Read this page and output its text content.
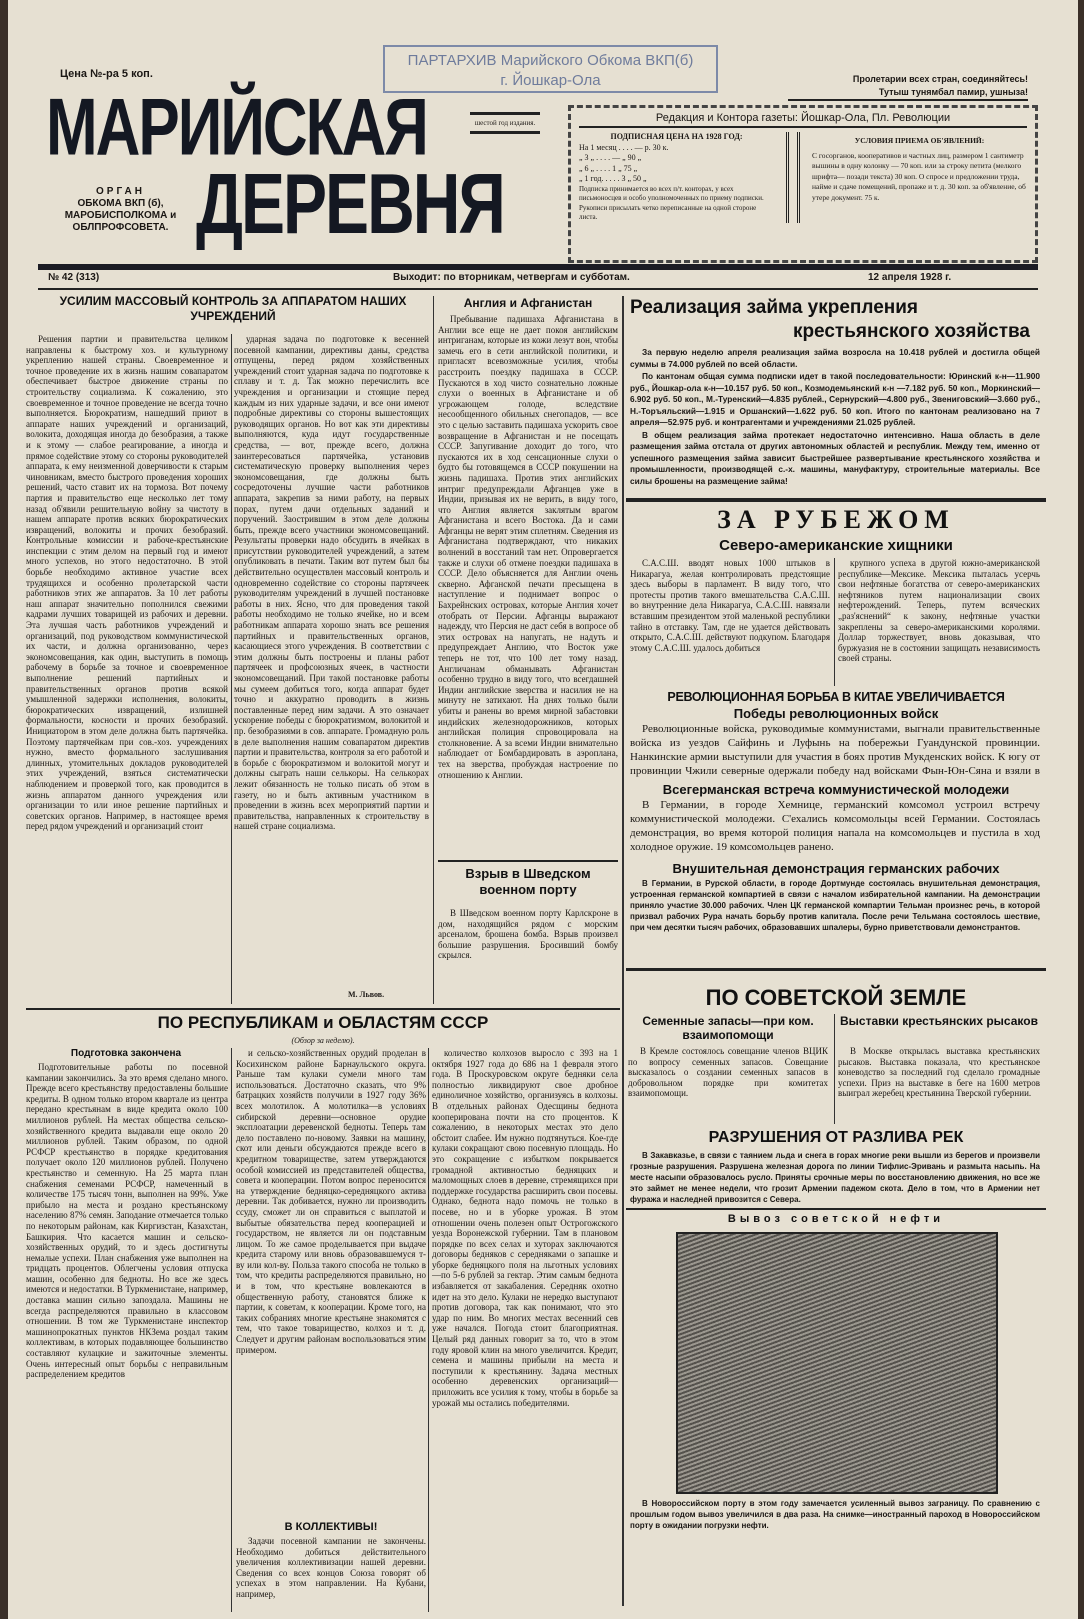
ПАРТАРХИВ Марийского Обкома ВКП(б)
г. Йошкар-Ола
Цена №-ра 5 коп.	Пролетарии всех стран, соединяйтесь!
Тутыш тунямбал памир, ушныза!
МАРИЙСКАЯ
ДЕРЕВНЯ
шестой год издания.
ОРГАН
ОБКОМА ВКП (б), МАРОБИСПОЛКОМА и ОБЛПРОФСОВЕТА.
Редакция и Контора газеты: Йошкар-Ола, Пл. Революции
ПОДПИСНАЯ ЦЕНА НА 1928 ГОД:
На 1 месяц . . . . — р. 30 к.
„ 3 „ . . . . — „ 90 „
„ 6 „ . . . . 1 „ 75 „
„ 1 год. . . . . 3 „ 50 „
Подписка принимается во всех п/т. конторах, у всех письмоносцев и особо уполномоченных по приему подписки. Рукописи присылать четко переписанные на одной стороне листа.
УСЛОВИЯ ПРИЕМА ОБ'ЯВЛЕНИЙ:
С госорганов, кооперативов и частных лиц, размером 1 сантиметр вышины в одну колонку — 70 коп. или за строку петита (мелкого шрифта— позади текста) 30 коп. О спросе и предложении труда, найме и сдаче помещений, пропаже и т. д. 30 коп. за об'явление, об утере документ. 75 к.
№ 42 (313)	Выходит: по вторникам, четвергам и субботам.	12 апреля 1928 г.
УСИЛИМ МАССОВЫЙ КОНТРОЛЬ ЗА АППАРАТОМ НАШИХ УЧРЕЖДЕНИЙ
Решения партии и правительства целиком направлены к быстрому хоз. и культурному укреплению нашей страны. Своевременное и точное проведение их в жизнь нашим совапаратом обеспечивает быстрое движение страны по строительству социализма. К сожалению, это своевременное и точное проведение не всегда точно выполняется. Бюрократизм, нашедший приют в аппарате наших учреждений и организаций, волокита, доходящая иногда до безобразия, а также и к этому — слабое реагирование, а иногда и прямое содействие этому со стороны руководителей аппарата, к ему неизменной доверчивости к старым чиновникам, вместо быстрого проведения хороших решений, часто ставит их на тормоза. Вот почему партия и правительство еще несколько лет тому назад об'явили решительную войну за чистоту в нашем аппарате против всяких бюрократических извращений, волокиты и прочих безобразий. Контрольные комиссии и рабоче-крестьянские инспекции с этим делом на первый год и имеют много успехов, но этого недостаточно. В этой борьбе необходимо активное участие всех трудящихся и особенно пролетарской части работников этих же аппаратов. За 10 лет работы наш аппарат значительно пополнился свежими кадрами лучших товарищей из рабочих и деревни. Эта лучшая часть работников учреждений и организаций, под руководством коммунистической их части, и должна организованно, через экономсовещания, как один, выступить в помощь рабочему в борьбе за точное и своевременное выполнение решений партийных и правительственных органов против всякой умышленной задержки исполнения, волокиты, бюрократических извращений, излишней формальности, косности и прочих безобразий. Инициатором в этом деле должна быть партячейка. Поэтому партячейкам при сов.-хоз. учреждениях нужно, вместо формального заслушивания длинных, утомительных докладов руководителей этих учреждений, взяться систематически наблюдением и проверкой того, как проводится в жизнь аппаратом данного учреждения или организации то или иное решение партийных и советских органов. Например, в настоящее время перед рядом учреждений и организаций стоит
ударная задача по подготовке к весенней посевной кампании, директивы даны, средства отпущены, перед рядом хозяйственных учреждений стоит ударная задача по подготовке к сплаву и т. д. Так можно перечислить все учреждения и организации и стоящие перед каждым из них ударные задачи, и все они имеют подробные директивы со стороны вышестоящих руководящих органов. Но вот как эти директивы выполняются, куда идут государственные средства, — вот, прежде всего, должна заинтересоваться партячейка, установив систематическую проверку выполнения через экономсовещания, где должны быть сосредоточены лучшие части работников аппарата, закрепив за ними работу, на первых порах, путем дачи отдельных заданий и поручений. Заострившим в этом деле должны быть, прежде всего участники экономсовещаний. Результаты проверки надо обсудить в ячейках в присутствии руководителей учреждений, а затем опубликовать в печати. Таким вот путем был бы действительно осуществлен массовый контроль и одновременно содействие со стороны партячеек руководителям учреждений в лучшей постановке работы в них. Ясно, что для проведения такой работы необходимо не только ячейке, но и всем работникам аппарата хорошо знать все решения партийных и правительственных органов, касающиеся этого учреждения. В соответствии с этим должны быть построены и планы работ партячеек и профсоюзных ячеек, в частности экономсовещаний. При такой постановке работы мы сумеем добиться того, когда аппарат будет точно и аккуратно проводить в жизнь поставленные перед ним задачи. А это означает ускорение победы с бюрократизмом, волокитой и пр. безобразиями в сов. аппарате. Громадную роль в деле выполнения нашим совапаратом директив партии и правительства, контроля за его работой и в борьбе с бюрократизмом и волокитой могут и должны сыграть наши селькоры. На селькорах лежит обязанность не только писать об этом в газету, но и быть активным участником в проведении в жизнь всех мероприятий партии и правительства, направленных к строительству в нашей стране социализма.
М. Львов.
Англия и Афганистан
Пребывание падишаха Афганистана в Англии все еще не дает покоя английским интриганам, которые из кожи лезут вон, чтобы замечь его в сети английской политики, и пригласят всевозможные усилия, чтобы расстроить поездку падишаха в СССР. Пускаются в ход чисто сознательно ложные слухи о военных в Афганистане и об угрожающем голоде, вследствие несообщенного обильных снегопадов, — все это с целью заставить падишаха ускорить свое возвращение в Афганистан и не посещать СССР. Запугивание доходит до того, что пускаются их в ход сенсационные слухи о будто бы готовящемся в СССР покушении на жизнь падишаха. Против этих английских интриг предупреждали Афганцев уже в Индии, призывая их не верить, в виду того, что Англия является заклятым врагом Афганистана и всего Востока. Да и сами Афганцы не верят этим сплетням. Сведения из Афганистана подтверждают, что никаких волнений в восстаний там нет. Опровергается также и слухи об отмене поездки падишаха в СССР. Дело объясняется для Англии очень скверно. Афганской печати пресыщена в наступление и поднимает вопрос о Бахрейнских островах, которые Англия хочет отобрать от Персии. Афганцы выражают надежду, что Персия не даст себя в вопросе об этих островах на напугать, не надуть и предупреждает Англию, что Восток уже теперь не тот, что 100 лет тому назад. Англичанам обманывать Афганистан особенно трудно в виду того, что всегдашней Индии английские зверства и насилия не на минуту не затихают. На днях только были убиты и ранены во время мирной забастовки индийских железнодорожников, которых английская полиция спровоцировала на столкновение. А за всеми Индии внимательно наблюдает от Бомбардировать в аэроплана, тех на зверства, пробуждая настроение по отношению к Англии.
Взрыв в Шведском военном порту
В Шведском военном порту Карлскроне в дом, находящийся рядом с морским арсеналом, брошена бомба. Взрыв произвел большие разрушения. Бросивший бомбу скрылся.
Реализация займа укрепления
крестьянского хозяйства

За первую неделю апреля реализация займа возросла на 10.418 рублей и достигла общей суммы в 74.000 рублей по всей области.

По кантонам общая сумма подписки идет в такой последовательности: Юринский к-н—11.900 руб., Йошкар-ола к-н—10.157 руб. 50 коп., Козмодемьянский к-н —7.182 руб. 50 коп., Моркинский—6.902 руб. 50 коп., М.-Туренский—4.835 рублей., Сернурский—4.800 руб., Звениговский—3.660 руб., Н.-Торъяльский—1.915 и Оршанский—1.622 руб. 50 коп. Итого по кантонам реализовано на 7 апреля—52.975 руб. и контрагентами и учреждениями 21.025 рублей.

В общем реализация займа протекает недостаточно интенсивно. Наша область в деле размещения займа отстала от других автономных областей и республик. Между тем, именно от успешного размещения займа зависит быстрейшее развертывание крестьянского хозяйства и промышленности, производящей с.-х. машины, мануфактуру, строительные материалы. Все силы брошены на размещение займа!

ЗА РУБЕЖОМ
Северо-американские хищники
С.А.С.Ш. вводят новых 1000 штыков в Никарагуа, желая контролировать предстоящие здесь выборы в парламент. В виду того, что протесты против такого вмешательства С.А.С.Ш. во внутренние дела Никарагуа, С.А.С.Ш. навязали вставшим президентом этой маленькой республики тайно в отставку. Там, где не удается действовать открыто, С.А.С.Ш. действуют подкупом. Благодаря этому С.А.С.Ш. удалось добиться
крупного успеха в другой южно-американской республике—Мексике. Мексика пыталась усерчь свои нефтяные богатства от северо-американских нефтяников путем национализации своих нефтерождений. Теперь, путем всяческих „раз'яснений“ к закону, нефтяные участки закреплены за северо-американскими королями. Доллар торжествует, вновь доказывая, что буржуазия не в состоянии защищать независимость своей страны.
РЕВОЛЮЦИОННАЯ БОРЬБА В КИТАЕ УВЕЛИЧИВАЕТСЯ
Победы революционных войск
Революционные войска, руководимые коммунистами, выгнали правительственные войска из уездов Сайфинь и Луфынь на побережьи Гуандунской провинции. Нанкинские армии выступили для участия в боях против Мукденских войск. К югу от провинции Чжили северные одержали победу над войсками Фын-Юн-Сяна и взяли в
Всегерманская встреча коммунистической молодежи
В Германии, в городе Хемнице, германский комсомол устроил встречу коммунистической молодежи. С'ехались комсомольцы всей Германии. Состоялась демонстрация, во время которой полиция напала на комсомольцев и пустила в ход холодное оружие. 19 комсомольцев ранено.
Внушительная демонстрация германских рабочих
В Германии, в Рурской области, в городе Дортмунде состоялась внушительная демонстрация, устроенная германской компартией в связи с началом избирательной кампании. На демонстрации приняло участие 30.000 рабочих. Член ЦК германской компартии Тельман произнес речь, в которой призвал рабочих Рура начать борьбу против капитала. После речи Тельмана состоялось шествие, при чем десятки тысяч рабочих, образовавших шпалеры, бурно приветствовали демонстрантов.
ПО РЕСПУБЛИКАМ и ОБЛАСТЯМ СССР
(Обзор за неделю).
Подготовка закончена
Подготовительные работы по посевной кампании закончились. За это время сделано много. Прежде всего крестьянству предоставлены большие кредиты. В одном только втором квартале из центра передано крестьянам в виде кредита около 100 миллионов рублей. На местах общества сельско-хозяйственного кредита выдавали еще около 20 миллионов рублей. Таким образом, по одной РСФСР крестьянство в порядке кредитования получает около 120 миллионов рублей. Получено крестьянство и семенную. На 25 марта план снабжения семенами РСФСР, намеченный в количестве 175 тысяч тонн, выполнен на 99%. Уже прибыло на места и роздано крестьянскому населению 87% семян. Заподание отмечается только по некоторым районам, как Киргизстан, Казахстан, Башкирия. Что касается машин и сельско-хозяйственных орудий, то и здесь достигнуты немалые успехи. План снабжения уже выполнен на тридцать процентов. Облегчены условия отпуска машин, особенно для бедноты. Но все же здесь имеются и недостатки. В Туркменистане, например, доставка машин сильно запоздала. Машины не всегда распределяются правильно в классовом отношении. В том же Туркменистане инспектор машинопрокатных пунктов НКЗема роздал таким коллективам, в которых подавляющее большинство составляют кулацкие и зажиточные элементы. Очень интересный опыт борьбы с неправильным распределением кредитов
и сельско-хозяйственных орудий проделан в Косихинском районе Барнаульского округа. Раньше там кулаки сумели много там использоваться. Достаточно сказать, что 9% батрацких хозяйств получили в 1927 году 36% всех молотилок. А молотилка—в условиях сибирской деревни—основное орудие эксплоатации деревенской бедноты. Теперь там дело поставлено по-новому. Заявки на машину, скот или деньги обсуждаются прежде всего в кредитном товариществе, затем утверждаются особой комиссией из представителей общества, совета и кооперации. Потом вопрос переносится на утверждение бедняцко-середняцкого актива деревни. Так добивается, нужно ли производить ссуду, сможет ли он справиться с выплатой и выбытые обязательства перед кооперацией и государством, не является ли он подставным лицом. То же самое проделывается при выдаче кредита старому или вновь образовавшемуся т-ву или кол-ву. Польза такого способа не только в том, что кредиты распределяются правильно, но и в том, что крестьяне вовлекаются в общественную работу, становятся ближе к партии, к советам, к кооперации. Кроме того, на таких собраниях многие крестьяне знакомятся с тем, что такое товарищество, колхоз и т. д. Следует и другим районам воспользоваться этим примером.
В КОЛЛЕКТИВЫ!
Задачи посевной кампании не закончены. Необходимо добиться действительного увеличения коллективизации нашей деревни. Сведения со всех концов Союза говорят об успехах в этом направлении. На Кубани, например,
количество колхозов выросло с 393 на 1 октября 1927 года до 686 на 1 февраля этого года. В Проскуровском округе бедняки села полностью ликвидируют свое дробное единоличное хозяйство, организуясь в колхозы. В отдельных районах Одесщины беднота кооперирована почти на сто процентов. К сожалению, в некоторых местах это дело обстоит слабее. Им нужно подтянуться. Кое-где кулаки сокращают свою посевную площадь. Но это сокращение с избытком покрывается громадной активностью бедняцких и маломощных слоев в деревне, стремящихся при поддержке государства расширить свои посевы. Однако, беднота надо помочь не только в посеве, но и в уборке урожая. В этом отношении очень полезен опыт Острогожского уезда Воронежской губернии. Там в плановом порядке по всех селах и хуторах заключаются договоры бедняков с середняками о запашке и уборке бедняцкого поля на льготных условиях —по 5-6 рублей за гектар. Этим самым беднота избавляется от закабаления. Середняк охотно идет на это дело. Кулаки не нередко выступают против договора, так как понимают, что это удар по ним. Во многих местах весенний сев уже начался. Погода стоит благоприятная. Целый ряд данных говорит за то, что в этом году яровой клин на много увеличится. Кредит, семена и машины прибыли на места и поступили к крестьянину. Задача местных особенно деревенских организаций—приложить все усилия к тому, чтобы в борьбе за урожай мы остались победителями.
ПО СОВЕТСКОЙ ЗЕМЛЕ
Семенные запасы—при ком. взаимопомощи
В Кремле состоялось совещание членов ВЦИК по вопросу семенных запасов. Совещание высказалось о создании семенных запасов в добровольном порядке при комитетах взаимопомощи.
Выставки крестьянских рысаков
В Москве открылась выставка крестьянских рысаков. Выставка показала, что крестьянское коневодство за последний год сделало громадные успехи. Приз на выставке в беге на 1600 метров выиграл жеребец крестьянина Тверской губернии.
РАЗРУШЕНИЯ ОТ РАЗЛИВА РЕК
В Закавказье, в связи с таянием льда и снега в горах многие реки вышли из берегов и произвели грозные разрушения. Разрушена железная дорога по линии Тифлис-Эривань и размыта насыпь. На месте насыпи образовалось русло. Приняты срочные меры по восстановлению движения, но все же это займет не менее недели, что грозит Армении падежом скота. Дело в том, что в Армении нет фуража и наследней привозится с Севера.
Вывоз советской нефти
В Новороссийском порту в этом году замечается усиленный вывоз заграницу. По сравнению с прошлым годом вывоз увеличился в два раза. На снимке—иностранный пароход в Новороссийском порту в ожидании погрузки нефти.
